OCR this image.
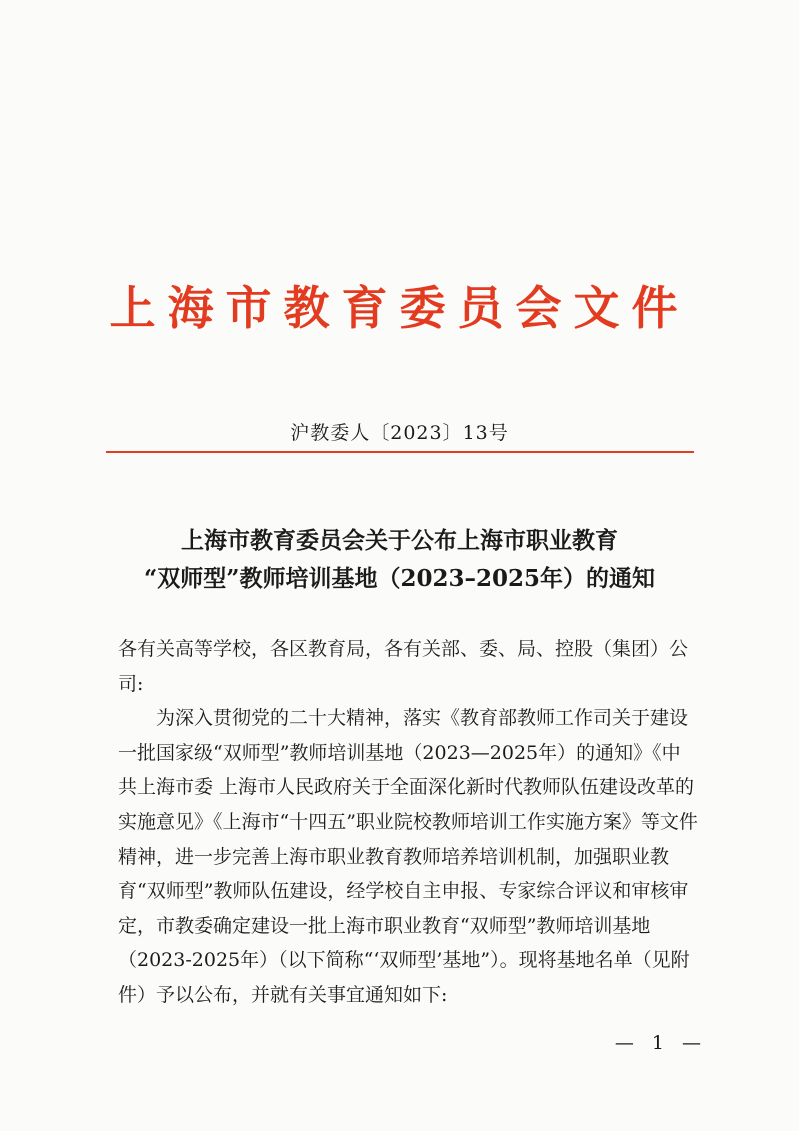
上海市教育委员会文件
沪教委人〔2023〕13号
上海市教育委员会关于公布上海市职业教育
“双师型”教师培训基地（2023–2025年）的通知

各有关高等学校，各区教育局，各有关部、委、局、控股（集团）公司:

为深入贯彻党的二十大精神，落实《教育部教师工作司关于建设一批国家级“双师型”教师培训基地（2023—2025年）的通知》《中共上海市委 上海市人民政府关于全面深化新时代教师队伍建设改革的实施意见》《上海市“十四五”职业院校教师培训工作实施方案》等文件精神，进一步完善上海市职业教育教师培养培训机制，加强职业教育“双师型”教师队伍建设，经学校自主申报、专家综合评议和审核审定，市教委确定建设一批上海市职业教育“双师型”教师培训基地（2023-2025年）（以下简称“‘双师型’基地”）。现将基地名单（见附件）予以公布，并就有关事宜通知如下:

— 1 —
